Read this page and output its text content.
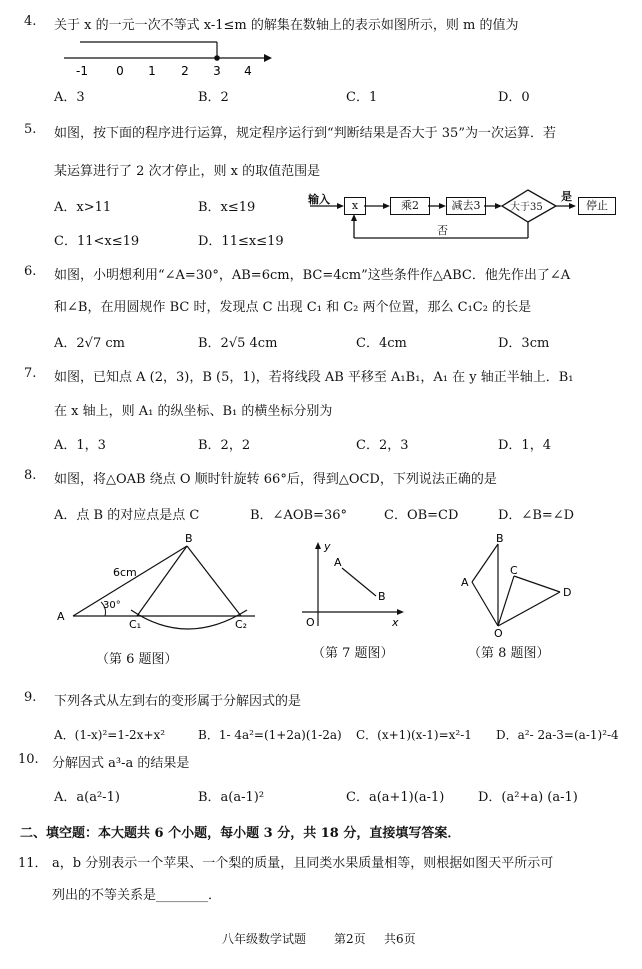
4. 关于 x 的一元一次不等式 x-1≤m 的解集在数轴上的表示如图所示，则 m 的值为
-1 0 1 2 3 4
A．3	B．2	C．1	D．0
5. 如图，按下面的程序进行运算，规定程序运行到“判断结果是否大于 35”为一次运算．若
某运算进行了 2 次才停止，则 x 的取值范围是
A．x>11	B．x≤19
C．11<x≤19	D．11≤x≤19
输入	x	乘2	减去3	大于35
是
停止
否
6. 如图，小明想利用“∠A=30°，AB=6cm，BC=4cm”这些条件作△ABC．他先作出了∠A
和∠B，在用圆规作 BC 时，发现点 C 出现 C₁ 和 C₂ 两个位置，那么 C₁C₂ 的长是
A．2√7 cm	B．2√5 4cm	C．4cm	D．3cm
7. 如图，已知点 A (2，3)，B (5，1)，若将线段 AB 平移至 A₁B₁，A₁ 在 y 轴正半轴上．B₁
在 x 轴上，则 A₁ 的纵坐标、B₁ 的横坐标分别为
A．1，3	B．2，2	C．2，3	D．1，4
8. 如图，将△OAB 绕点 O 顺时针旋转 66°后，得到△OCD，下列说法正确的是
A．点 B 的对应点是点 C	B．∠AOB=36°	C．OB=CD	D．∠B=∠D
A
B
C₁	C₂
6cm
30°
（第 6 题图）
y
x
O
A
B
（第 7 题图）
A
B
C
D
O
（第 8 题图）
9. 下列各式从左到右的变形属于分解因式的是
A．(1-x)²=1-2x+x²	B．1- 4a²=(1+2a)(1-2a) C．(x+1)(x-1)=x²-1 D．a²- 2a-3=(a-1)²-4
10. 分解因式 a³-a 的结果是
A．a(a²-1)	B．a(a-1)²	C．a(a+1)(a-1)	D．(a²+a) (a-1)
二、填空题：本大题共 6 个小题，每小题 3 分，共 18 分，直接填写答案．
11． a，b 分别表示一个苹果、一个梨的质量，且同类水果质量相等，则根据如图天平所示可
列出的不等关系是________．
八年级数学试题 第2页 共6页
